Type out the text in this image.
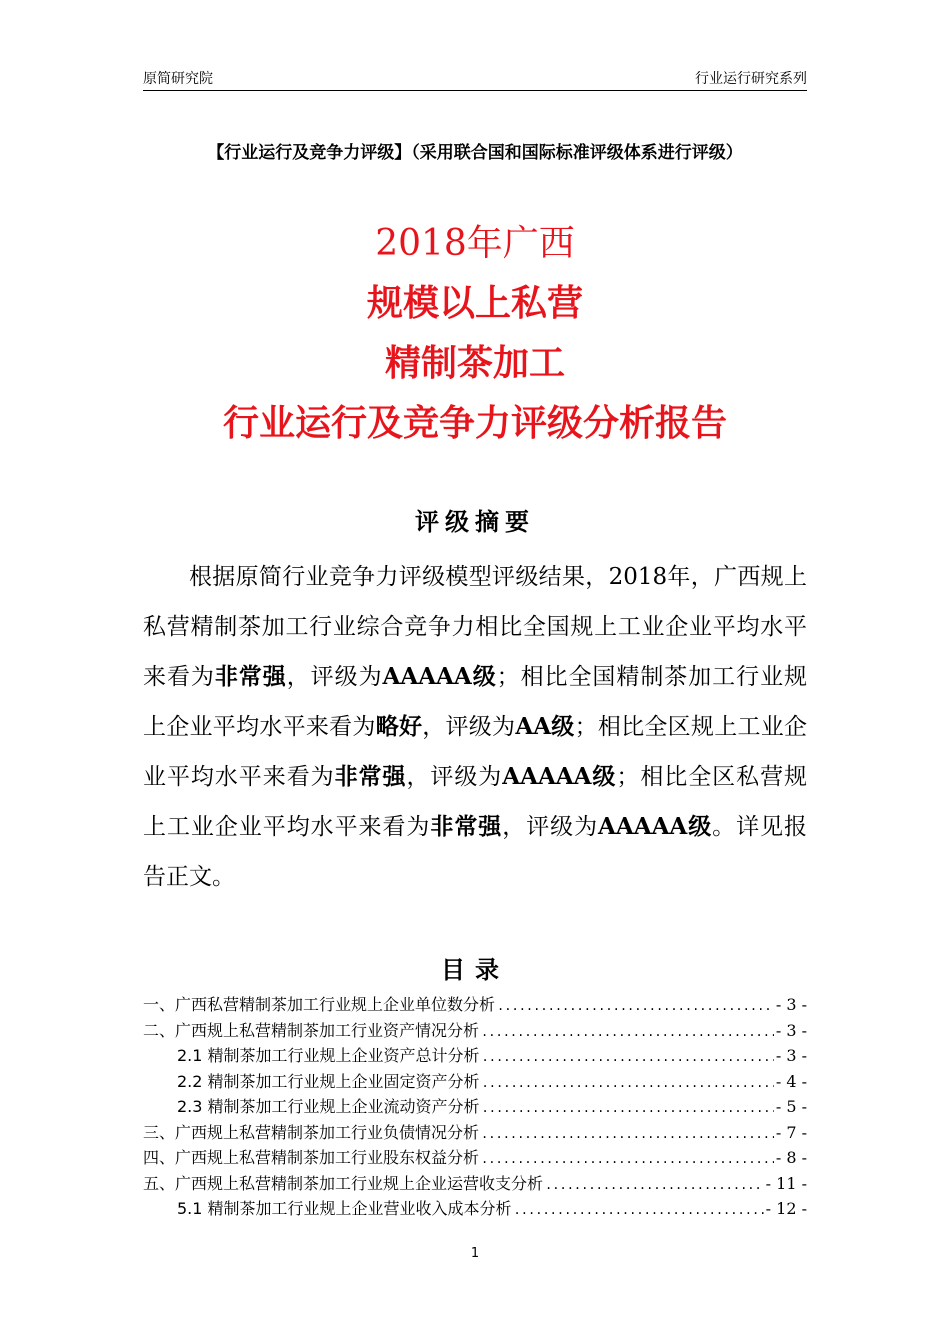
原简研究院	行业运行研究系列
【行业运行及竞争力评级】（采用联合国和国际标准评级体系进行评级）
2018年广西
规模以上私营
精制茶加工
行业运行及竞争力评级分析报告
评级摘要
根据原简行业竞争力评级模型评级结果，2018年，广西规上私营精制茶加工行业综合竞争力相比全国规上工业企业平均水平来看为非常强，评级为AAAAA级；相比全国精制茶加工行业规上企业平均水平来看为略好，评级为AA级；相比全区规上工业企业平均水平来看为非常强，评级为AAAAA级；相比全区私营规上工业企业平均水平来看为非常强，评级为AAAAA级。详见报告正文。
目录
一、广西私营精制茶加工行业规上企业单位数分析 .....	- 3 -
二、广西规上私营精制茶加工行业资产情况分析 .....	- 3 -
2.1 精制茶加工行业规上企业资产总计分析 .....	- 3 -
2.2 精制茶加工行业规上企业固定资产分析 .....	- 4 -
2.3 精制茶加工行业规上企业流动资产分析 .....	- 5 -
三、广西规上私营精制茶加工行业负债情况分析 .....	- 7 -
四、广西规上私营精制茶加工行业股东权益分析 .....	- 8 -
五、广西规上私营精制茶加工行业规上企业运营收支分析 .....	- 11 -
5.1 精制茶加工行业规上企业营业收入成本分析 .....	- 12 -
1
